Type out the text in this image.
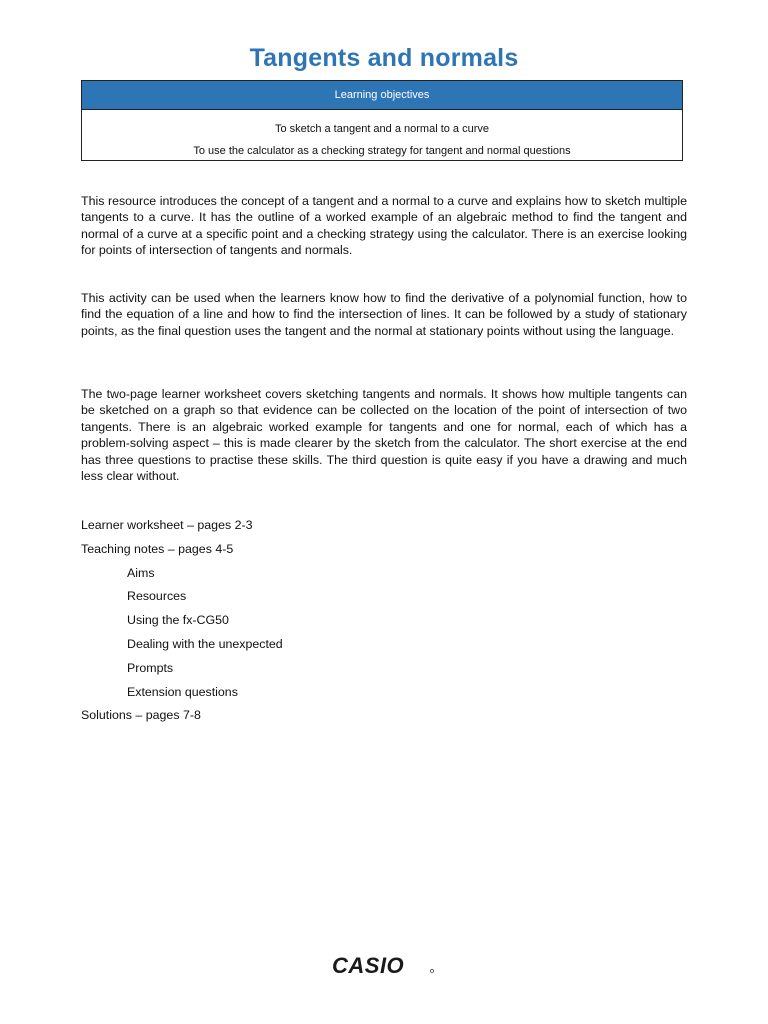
Tangents and normals
Learning objectives
To sketch a tangent and a normal to a curve
To use the calculator as a checking strategy for tangent and normal questions

This resource introduces the concept of a tangent and a normal to a curve and explains how to sketch multiple tangents to a curve. It has the outline of a worked example of an algebraic method to find the tangent and normal of a curve at a specific point and a checking strategy using the calculator. There is an exercise looking for points of intersection of tangents and normals.

This activity can be used when the learners know how to find the derivative of a polynomial function, how to find the equation of a line and how to find the intersection of lines. It can be followed by a study of stationary points, as the final question uses the tangent and the normal at stationary points without using the language.

The two-page learner worksheet covers sketching tangents and normals. It shows how multiple tangents can be sketched on a graph so that evidence can be collected on the location of the point of intersection of two tangents. There is an algebraic worked example for tangents and one for normal, each of which has a problem-solving aspect – this is made clearer by the sketch from the calculator. The short exercise at the end has three questions to practise these skills. The third question is quite easy if you have a drawing and much less clear without.

Learner worksheet – pages 2-3
Teaching notes – pages 4-5
Aims
Resources
Using the fx-CG50
Dealing with the unexpected
Prompts
Extension questions
Solutions – pages 7-8
CASIO
